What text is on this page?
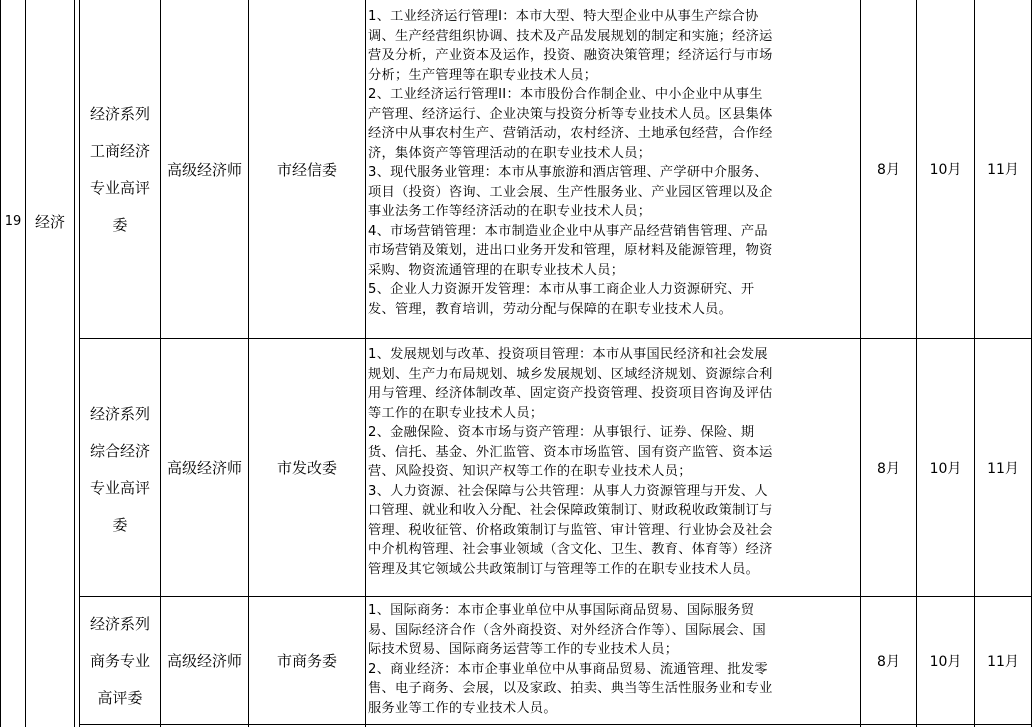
19 经济
经济系列
工商经济
专业高评
委
高级经济师 市经信委
1、工业经济运行管理I：本市大型、特大型企业中从事生产综合协
调、生产经营组织协调、技术及产品发展规划的制定和实施；经济运
营及分析，产业资本及运作，投资、融资决策管理；经济运行与市场
分析；生产管理等在职专业技术人员；
2、工业经济运行管理II：本市股份合作制企业、中小企业中从事生
产管理、经济运行、企业决策与投资分析等专业技术人员。区县集体
经济中从事农村生产、营销活动，农村经济、土地承包经营，合作经
济，集体资产等管理活动的在职专业技术人员；
3、现代服务业管理：本市从事旅游和酒店管理、产学研中介服务、
项目（投资）咨询、工业会展、生产性服务业、产业园区管理以及企
事业法务工作等经济活动的在职专业技术人员；
4、市场营销管理：本市制造业企业中从事产品经营销售管理、产品
市场营销及策划，进出口业务开发和管理，原材料及能源管理，物资
采购、物资流通管理的在职专业技术人员；
5、企业人力资源开发管理：本市从事工商企业人力资源研究、开
发、管理，教育培训，劳动分配与保障的在职专业技术人员。
8月 10月 11月
经济系列
综合经济
专业高评
委
高级经济师 市发改委
1、发展规划与改革、投资项目管理：本市从事国民经济和社会发展
规划、生产力布局规划、城乡发展规划、区域经济规划、资源综合利
用与管理、经济体制改革、固定资产投资管理、投资项目咨询及评估
等工作的在职专业技术人员；
2、金融保险、资本市场与资产管理：从事银行、证券、保险、期
货、信托、基金、外汇监管、资本市场监管、国有资产监管、资本运
营、风险投资、知识产权等工作的在职专业技术人员；
3、人力资源、社会保障与公共管理：从事人力资源管理与开发、人
口管理、就业和收入分配、社会保障政策制订、财政税收政策制订与
管理、税收征管、价格政策制订与监管、审计管理、行业协会及社会
中介机构管理、社会事业领域（含文化、卫生、教育、体育等）经济
管理及其它领域公共政策制订与管理等工作的在职专业技术人员。
8月 10月 11月
经济系列
商务专业
高评委
高级经济师 市商务委
1、国际商务：本市企事业单位中从事国际商品贸易、国际服务贸
易、国际经济合作（含外商投资、对外经济合作等）、国际展会、国
际技术贸易、国际商务运营等工作的专业技术人员；
2、商业经济：本市企事业单位中从事商品贸易、流通管理、批发零
售、电子商务、会展，以及家政、拍卖、典当等生活性服务业和专业
服务业等工作的专业技术人员。
8月 10月 11月
